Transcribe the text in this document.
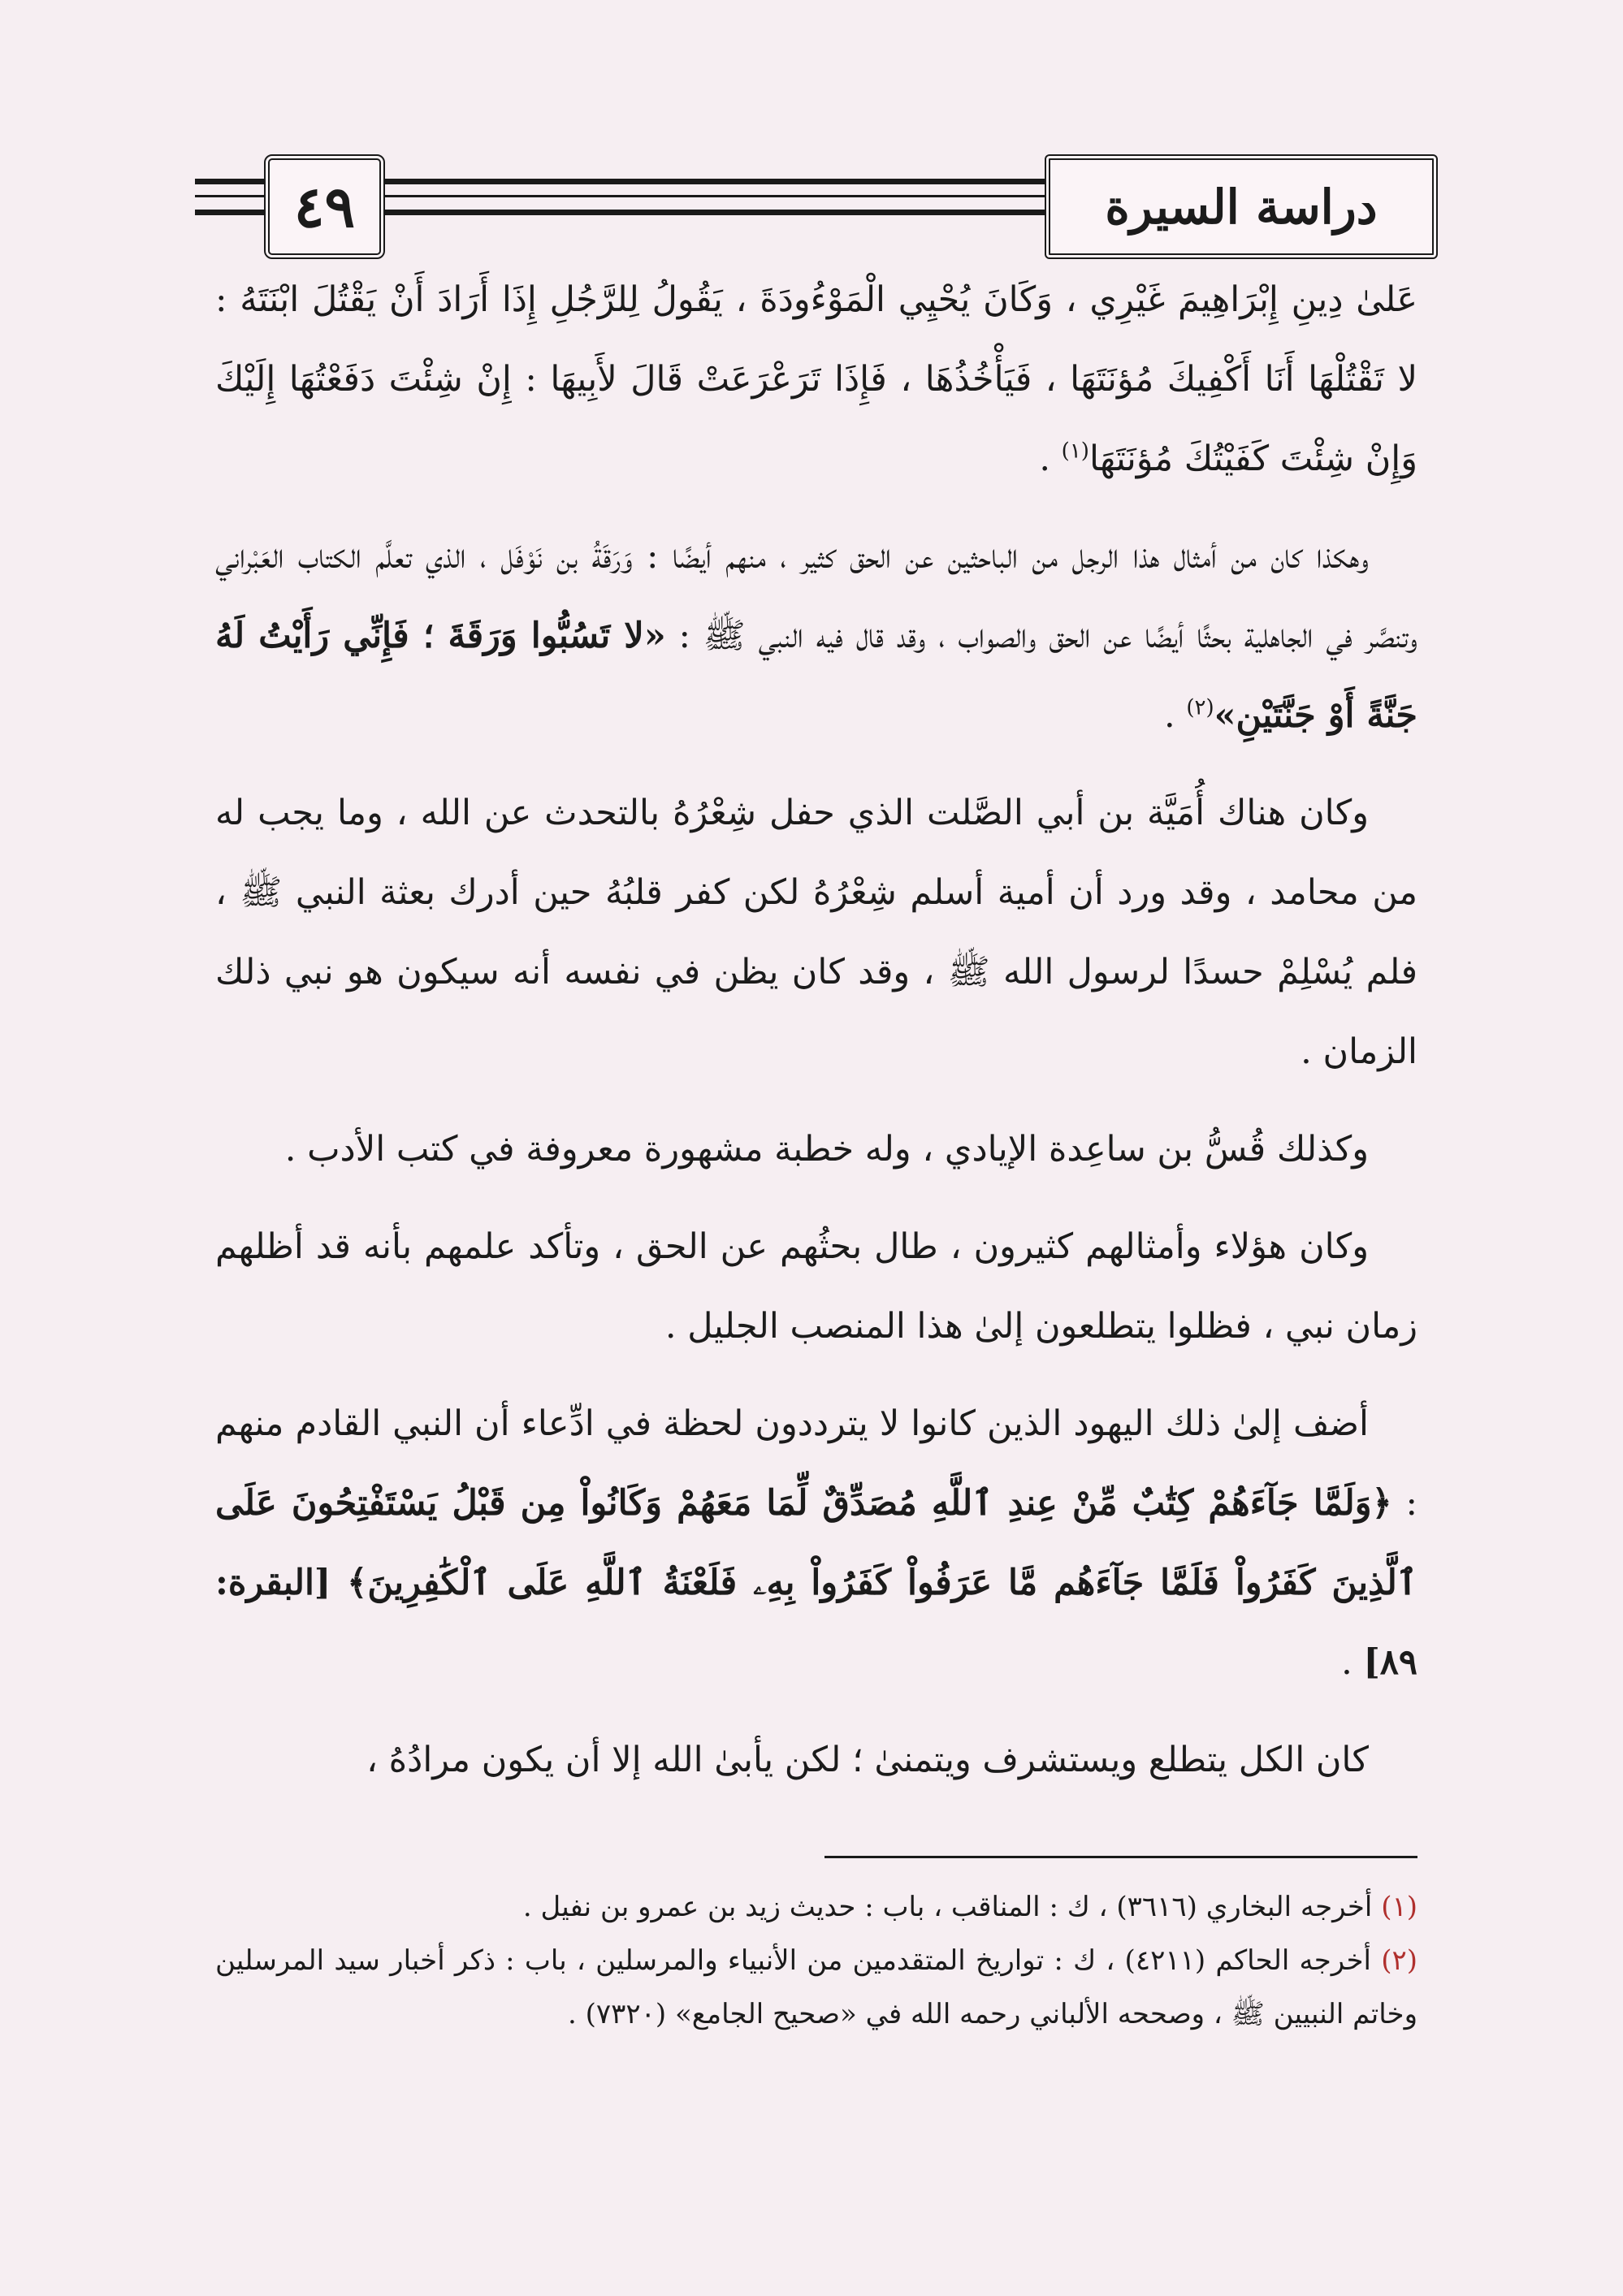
٤٩	دراسة السيرة

عَلىٰ دِينِ إِبْرَاهِيمَ غَيْرِي ، وَكَانَ يُحْيِي الْمَوْءُودَةَ ، يَقُولُ لِلرَّجُلِ إِذَا أَرَادَ أَنْ يَقْتُلَ ابْنَتَهُ : لا تَقْتُلْهَا أَنَا أَكْفِيكَ مُؤنَتَهَا ، فَيَأْخُذُهَا ، فَإِذَا تَرَعْرَعَتْ قَالَ لأَبِيهَا : إِنْ شِئْتَ دَفَعْتُهَا إِلَيْكَ وَإِنْ شِئْتَ كَفَيْتُكَ مُؤنَتَهَا$^{(١)}$ .

وهكذا كان من أمثال هذا الرجل من الباحثين عن الحق كثير ، منهم أيضًا : وَرَقَةُ بن نَوْفَل ، الذي تعلَّم الكتاب العَبْراني وتنصَّر في الجاهلية بحثًا أيضًا عن الحق والصواب ، وقد قال فيه النبي ﷺ : «لا تَسُبُّوا وَرَقَةَ ؛ فَإِنِّي رَأَيْتُ لَهُ جَنَّةً أَوْ جَنَّتَيْنِ»$^{(٢)}$ .

وكان هناك أُمَيَّة بن أبي الصَّلت الذي حفل شِعْرُهُ بالتحدث عن الله ، وما يجب له من محامد ، وقد ورد أن أمية أسلم شِعْرُهُ لكن كفر قلبُهُ حين أدرك بعثة النبي ﷺ ، فلم يُسْلِمْ حسدًا لرسول الله ﷺ ، وقد كان يظن في نفسه أنه سيكون هو نبي ذلك الزمان .

وكذلك قُسُّ بن ساعِدة الإيادي ، وله خطبة مشهورة معروفة في كتب الأدب .

وكان هؤلاء وأمثالهم كثيرون ، طال بحثُهم عن الحق ، وتأكد علمهم بأنه قد أظلهم زمان نبي ، فظلوا يتطلعون إلىٰ هذا المنصب الجليل .

أضف إلىٰ ذلك اليهود الذين كانوا لا يترددون لحظة في ادِّعاء أن النبي القادم منهم : ﴿وَلَمَّا جَآءَهُمْ كِتَٰبٌ مِّنْ عِندِ ٱللَّهِ مُصَدِّقٌ لِّمَا مَعَهُمْ وَكَانُواْ مِن قَبْلُ يَسْتَفْتِحُونَ عَلَى ٱلَّذِينَ كَفَرُواْ فَلَمَّا جَآءَهُم مَّا عَرَفُواْ كَفَرُواْ بِهِۦ فَلَعْنَةُ ٱللَّهِ عَلَى ٱلْكَٰفِرِينَ﴾ [البقرة: ٨٩] .

كان الكل يتطلع ويستشرف ويتمنىٰ ؛ لكن يأبىٰ الله إلا أن يكون مرادُهُ ،

(١) أخرجه البخاري (٣٦١٦) ، ك : المناقب ، باب : حديث زيد بن عمرو بن نفيل .

(٢) أخرجه الحاكم (٤٢١١) ، ك : تواريخ المتقدمين من الأنبياء والمرسلين ، باب : ذكر أخبار سيد المرسلين وخاتم النبيين ﷺ ، وصححه الألباني رحمه الله في «صحيح الجامع» (٧٣٢٠) .
